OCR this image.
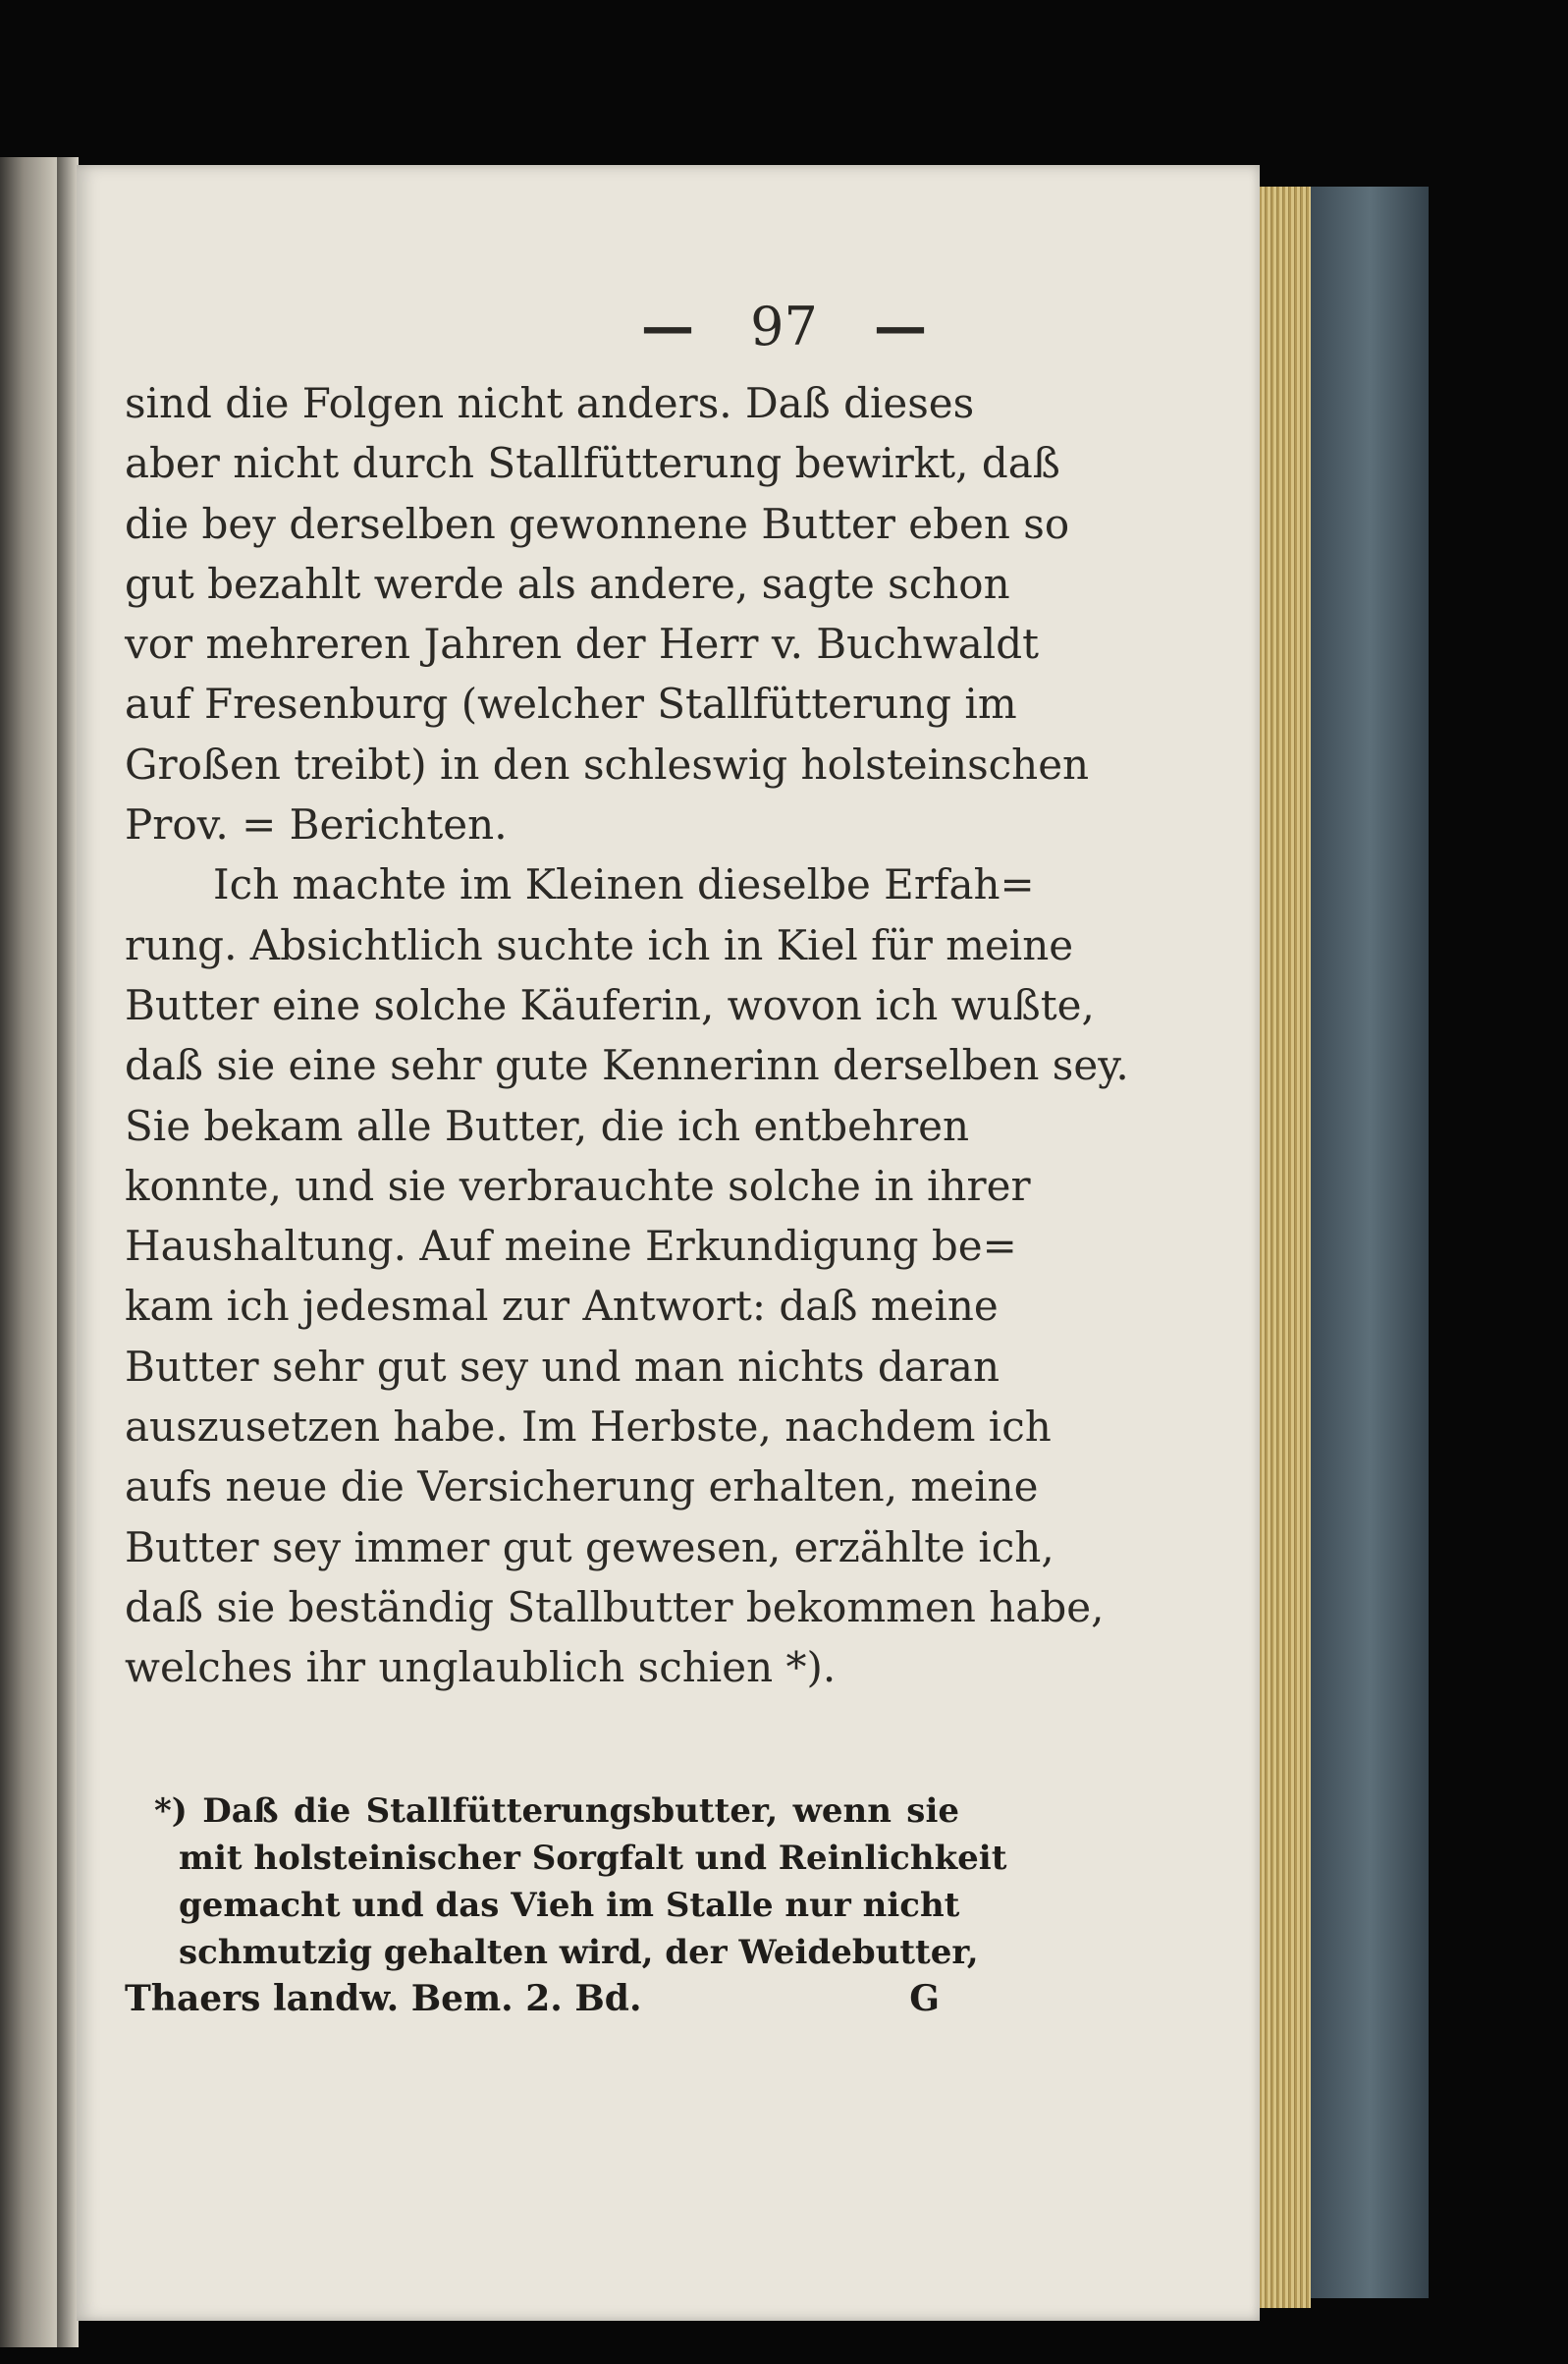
— 97 —
sind die Folgen nicht anders. Daß dieses
aber nicht durch Stallfütterung bewirkt, daß
die bey derselben gewonnene Butter eben so
gut bezahlt werde als andere, sagte schon
vor mehreren Jahren der Herr v. Buchwaldt
auf Fresenburg (welcher Stallfütterung im
Großen treibt) in den schleswig holsteinschen
Prov. = Berichten.
Ich machte im Kleinen dieselbe Erfah=
rung. Absichtlich suchte ich in Kiel für meine
Butter eine solche Käuferin, wovon ich wußte,
daß sie eine sehr gute Kennerinn derselben sey.
Sie bekam alle Butter, die ich entbehren
konnte, und sie verbrauchte solche in ihrer
Haushaltung. Auf meine Erkundigung be=
kam ich jedesmal zur Antwort: daß meine
Butter sehr gut sey und man nichts daran
auszusetzen habe. Im Herbste, nachdem ich
aufs neue die Versicherung erhalten, meine
Butter sey immer gut gewesen, erzählte ich,
daß sie beständig Stallbutter bekommen habe,
welches ihr unglaublich schien *).
*) Daß die Stallfütterungsbutter, wenn sie
mit holsteinischer Sorgfalt und Reinlichkeit
gemacht und das Vieh im Stalle nur nicht
schmutzig gehalten wird, der Weidebutter,
Thaers landw. Bem. 2. Bd.	G
